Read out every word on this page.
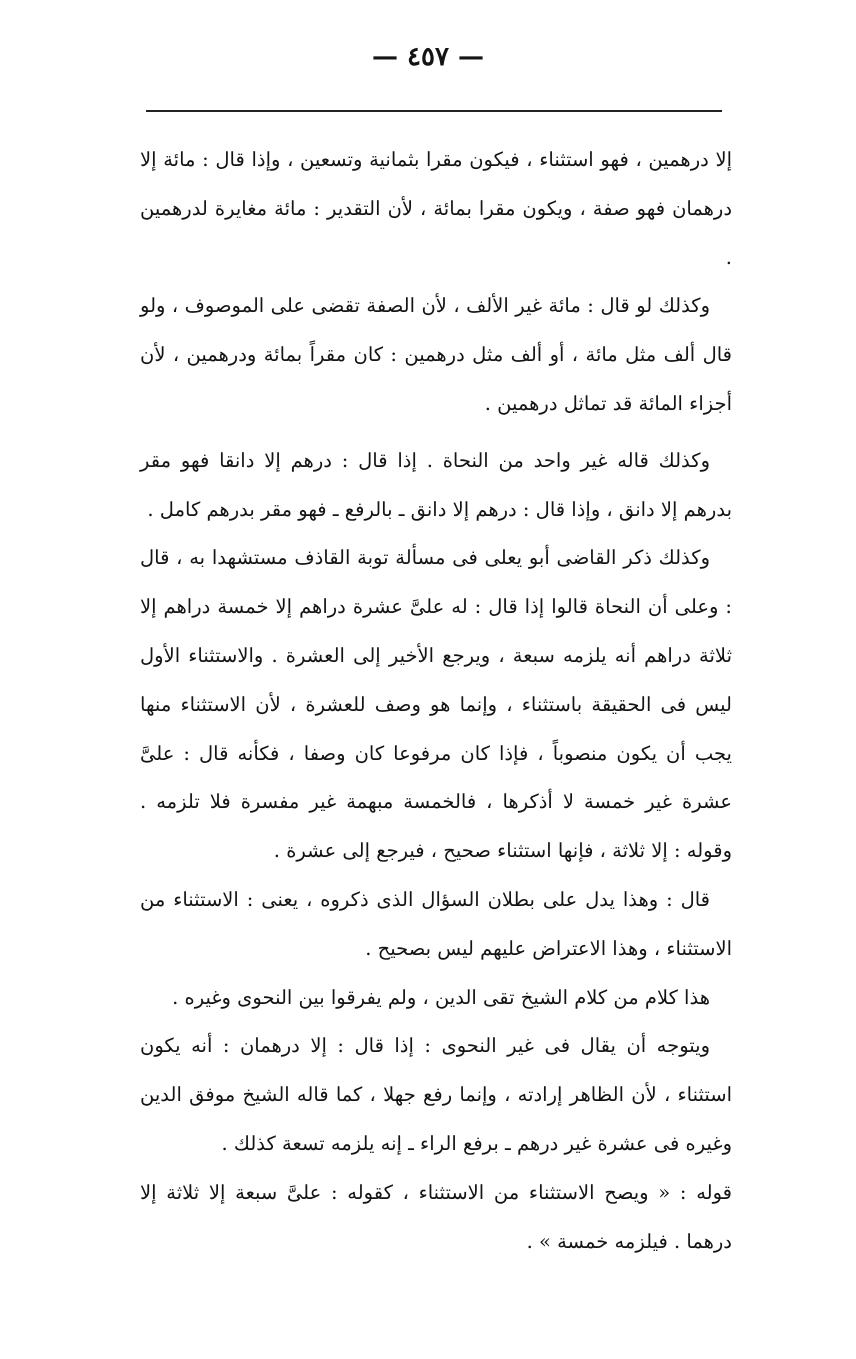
— ٤٥٧ —

إلا درهمين ، فهو استثناء ، فيكون مقرا بثمانية وتسعين ، وإذا قال : مائة إلا درهمان فهو صفة ، ويكون مقرا بمائة ، لأن التقدير : مائة مغايرة لدرهمين .

وكذلك لو قال : مائة غير الألف ، لأن الصفة تقضى على الموصوف ، ولو قال ألف مثل مائة ، أو ألف مثل درهمين : كان مقراً بمائة ودرهمين ، لأن أجزاء المائة قد تماثل درهمين .

وكذلك قاله غير واحد من النحاة . إذا قال : درهم إلا دانقا فهو مقر بدرهم إلا دانق ، وإذا قال : درهم إلا دانق ـ بالرفع ـ فهو مقر بدرهم كامل .

وكذلك ذكر القاضى أبو يعلى فى مسألة توبة القاذف مستشهدا به ، قال : وعلى أن النحاة قالوا إذا قال : له علىَّ عشرة دراهم إلا خمسة دراهم إلا ثلاثة دراهم أنه يلزمه سبعة ، ويرجع الأخير إلى العشرة . والاستثناء الأول ليس فى الحقيقة باستثناء ، وإنما هو وصف للعشرة ، لأن الاستثناء منها يجب أن يكون منصوباً ، فإذا كان مرفوعا كان وصفا ، فكأنه قال : علىَّ عشرة غير خمسة لا أذكرها ، فالخمسة مبهمة غير مفسرة فلا تلزمه . وقوله : إلا ثلاثة ، فإنها استثناء صحيح ، فيرجع إلى عشرة .

قال : وهذا يدل على بطلان السؤال الذى ذكروه ، يعنى : الاستثناء من الاستثناء ، وهذا الاعتراض عليهم ليس بصحيح .

هذا كلام من كلام الشيخ تقى الدين ، ولم يفرقوا بين النحوى وغيره .

ويتوجه أن يقال فى غير النحوى : إذا قال : إلا درهمان : أنه يكون استثناء ، لأن الظاهر إرادته ، وإنما رفع جهلا ، كما قاله الشيخ موفق الدين وغيره فى عشرة غير درهم ـ برفع الراء ـ إنه يلزمه تسعة كذلك .

قوله : « ويصح الاستثناء من الاستثناء ، كقوله : علىَّ سبعة إلا ثلاثة إلا درهما . فيلزمه خمسة » .
